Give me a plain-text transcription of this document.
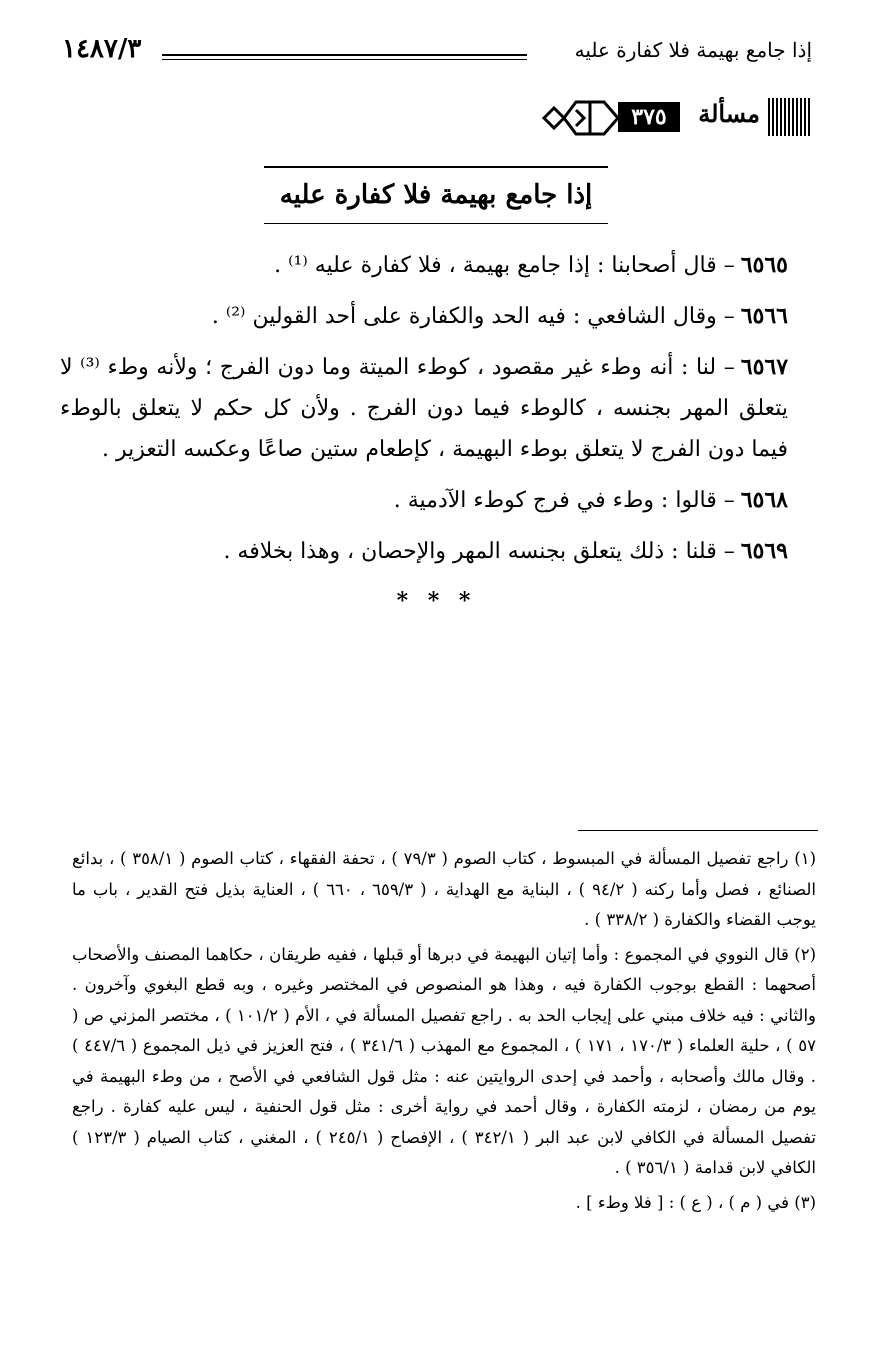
إذا جامع بهيمة فلا كفارة عليه
١٤٨٧/٣
مسألة
٣٧٥
إذا جامع بهيمة فلا كفارة عليه

٦٥٦٥– قال أصحابنا : إذا جامع بهيمة ، فلا كفارة عليه ⁽¹⁾ .

٦٥٦٦– وقال الشافعي : فيه الحد والكفارة على أحد القولين ⁽²⁾ .

٦٥٦٧– لنا : أنه وطء غير مقصود ، كوطء الميتة وما دون الفرج ؛ ولأنه وطء ⁽³⁾ لا يتعلق المهر بجنسه ، كالوطء فيما دون الفرج . ولأن كل حكم لا يتعلق بالوطء فيما دون الفرج لا يتعلق بوطء البهيمة ، كإطعام ستين صاعًا وعكسه التعزير .

٦٥٦٨– قالوا : وطء في فرج كوطء الآدمية .

٦٥٦٩– قلنا : ذلك يتعلق بجنسه المهر والإحصان ، وهذا بخلافه .

* * *

(١) راجع تفصيل المسألة في المبسوط ، كتاب الصوم ( ٧٩/٣ ) ، تحفة الفقهاء ، كتاب الصوم ( ٣٥٨/١ ) ، بدائع الصنائع ، فصل وأما ركنه ( ٩٤/٢ ) ، البناية مع الهداية ، ( ٦٥٩/٣ ، ٦٦٠ ) ، العناية بذيل فتح القدير ، باب ما يوجب القضاء والكفارة ( ٣٣٨/٢ ) .

(٢) قال النووي في المجموع : وأما إتيان البهيمة في دبرها أو قبلها ، ففيه طريقان ، حكاهما المصنف والأصحاب أصحهما : القطع بوجوب الكفارة فيه ، وهذا هو المنصوص في المختصر وغيره ، وبه قطع البغوي وآخرون . والثاني : فيه خلاف مبني على إيجاب الحد به . راجع تفصيل المسألة في ، الأم ( ١٠١/٢ ) ، مختصر المزني ص ( ٥٧ ) ، حلية العلماء ( ١٧٠/٣ ، ١٧١ ) ، المجموع مع المهذب ( ٣٤١/٦ ) ، فتح العزيز في ذيل المجموع ( ٤٤٧/٦ ) . وقال مالك وأصحابه ، وأحمد في إحدى الروايتين عنه : مثل قول الشافعي في الأصح ، من وطء البهيمة في يوم من رمضان ، لزمته الكفارة ، وقال أحمد في رواية أخرى : مثل قول الحنفية ، ليس عليه كفارة . راجع تفصيل المسألة في الكافي لابن عبد البر ( ٣٤٢/١ ) ، الإفصاح ( ٢٤٥/١ ) ، المغني ، كتاب الصيام ( ١٢٣/٣ ) الكافي لابن قدامة ( ٣٥٦/١ ) .

(٣) في ( م ) ، ( ع ) : [ فلا وطء ] .
